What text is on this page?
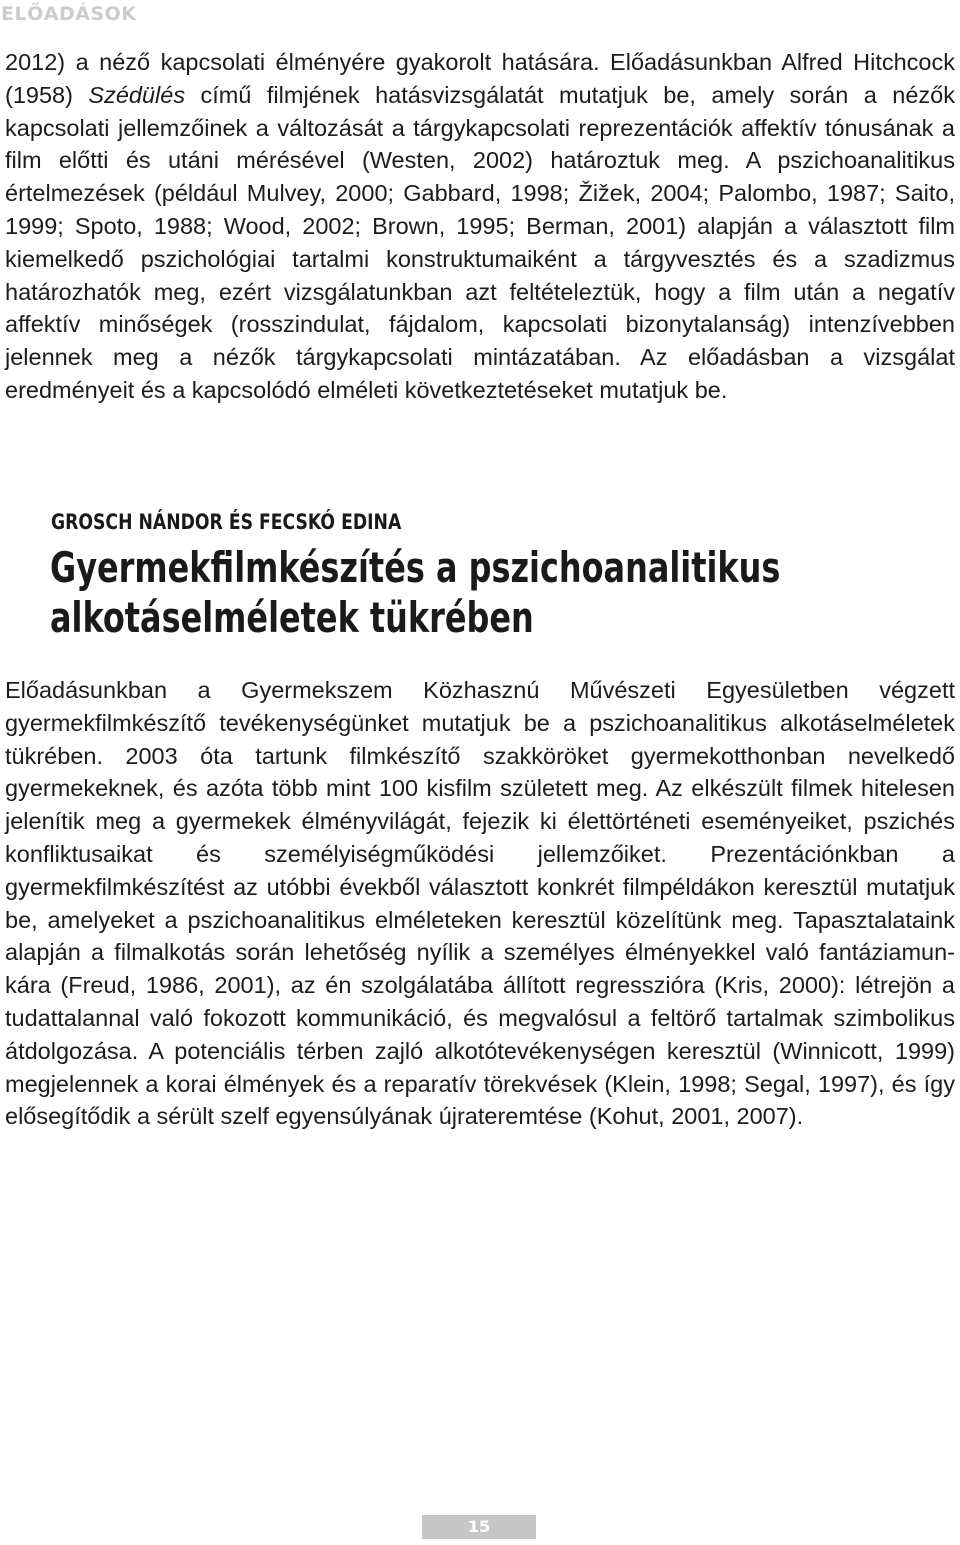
ELŐADÁSOK

2012) a néző kapcsolati élményére gyakorolt hatására. Előadásunkban Alfred Hitchcock (1958) Szédülés című filmjének hatásvizsgálatát mutatjuk be, amely során a nézők kapcsolati jellemzőinek a változását a tárgykapcsolati reprezentációk affektív tónusának a film előtti és utáni mérésével (Westen, 2002) határoztuk meg. A pszichoanalitikus értelmezések (például Mulvey, 2000; Gabbard, 1998; Žižek, 2004; Palombo, 1987; Saito, 1999; Spoto, 1988; Wood, 2002; Brown, 1995; Berman, 2001) alapján a választott film kiemelkedő pszichológiai tartalmi konstruktumaiként a tárgyvesztés és a szadizmus határozhatók meg, ezért vizsgálatunkban azt feltételeztük, hogy a film után a negatív affektív minőségek (rosszindulat, fájdalom, kapcsolati bizonytalanság) intenzívebben jelennek meg a nézők tárgykapcsolati mintázatában. Az előadásban a vizsgálat eredményeit és a kapcsolódó elméleti következtetéseket mutatjuk be.

GROSCH NÁNDOR ÉS FECSKÓ EDINA
Gyermekfilmkészítés a pszichoanalitikus
alkotáselméletek tükrében

Előadásunkban a Gyermekszem Közhasznú Művészeti Egyesületben végzett gyermekfilmkészítő tevékenységünket mutatjuk be a pszichoanalitikus alkotáselméletek tükrében. 2003 óta tartunk filmkészítő szakköröket gyermekotthonban nevelkedő gyermekeknek, és azóta több mint 100 kisfilm született meg. Az elkészült filmek hitelesen jelenítik meg a gyermekek élményvilágát, fejezik ki élettörténeti eseményeiket, pszichés konfliktusaikat és személyiségműködési jellemzőiket. Prezentációnkban a gyermekfilmkészítést az utóbbi évekből választott konkrét filmpéldákon keresztül mutatjuk be, amelyeket a pszichoanalitikus elméleteken keresztül közelítünk meg. Tapasztalataink alapján a filmalkotás során lehetőség nyílik a személyes élményekkel való fantáziamunkára (Freud, 1986, 2001), az én szolgálatába állított regresszióra (Kris, 2000): létrejön a tudattalannal való fokozott kommunikáció, és megvalósul a feltörő tartalmak szimbolikus átdolgozása. A potenciális térben zajló alkotótevékenységen keresztül (Winnicott, 1999) megjelennek a korai élmények és a reparatív törekvések (Klein, 1998; Segal, 1997), és így elősegítődik a sérült szelf egyensúlyának újrateremtése (Kohut, 2001, 2007).

15
